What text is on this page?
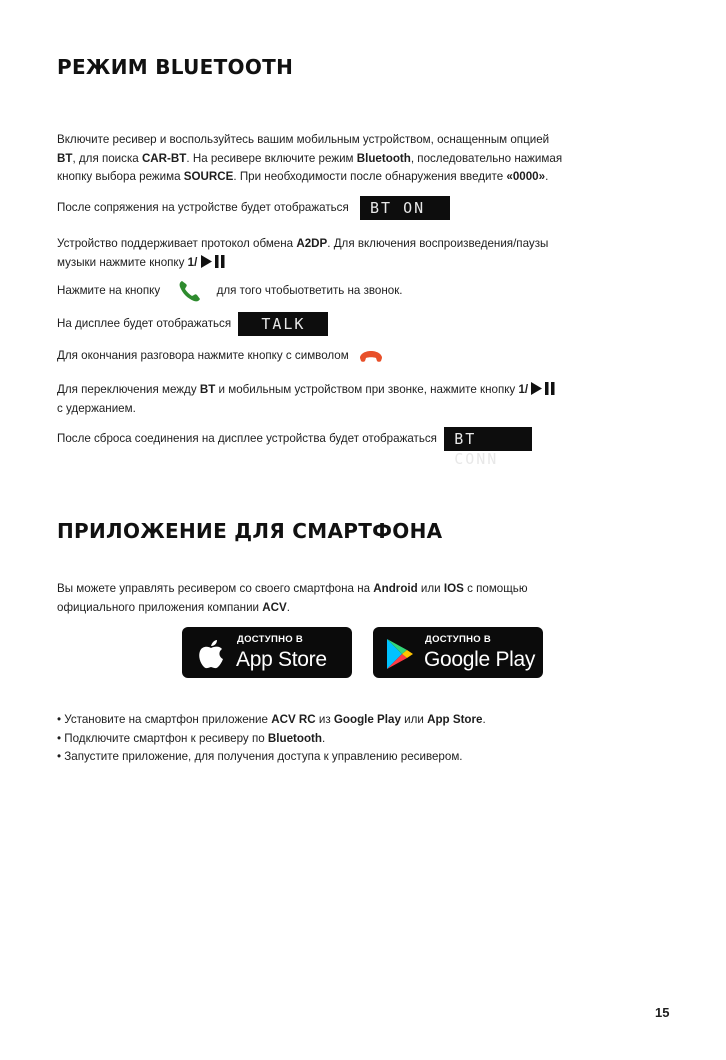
РЕЖИМ BLUETOOTH
Включите ресивер и воспользуйтесь вашим мобильным устройством, оснащенным опцией
BT, для поиска CAR-BT. На ресивере включите режим Bluetooth, последовательно нажимая
кнопку выбора режима SOURCE. При необходимости после обнаружения введите «0000».
После сопряжения на устройстве будет отображаться BT ON
Устройство поддерживает протокол обмена A2DP. Для включения воспроизведения/паузы
музыки нажмите кнопку 1/
Нажмите на кнопку	для того чтобыответить на звонок.
На дисплее будет отображаться TALK
Для окончания разговора нажмите кнопку с символом
Для переключения между BT и мобильным устройством при звонке, нажмите кнопку 1/
с удержанием.
После сброса соединения на дисплее устройства будет отображаться BT CONN
ПРИЛОЖЕНИЕ ДЛЯ СМАРТФОНА
Вы можете управлять ресивером со своего смартфона на Android или IOS с помощью
официального приложения компании ACV.
ДОСТУПНО В
App Store
ДОСТУПНО В
Google Play
• Установите на смартфон приложение ACV RC из Google Play или App Store.
• Подключите смартфон к ресиверу по Bluetooth.
• Запустите приложение, для получения доступа к управлению ресивером.
15
